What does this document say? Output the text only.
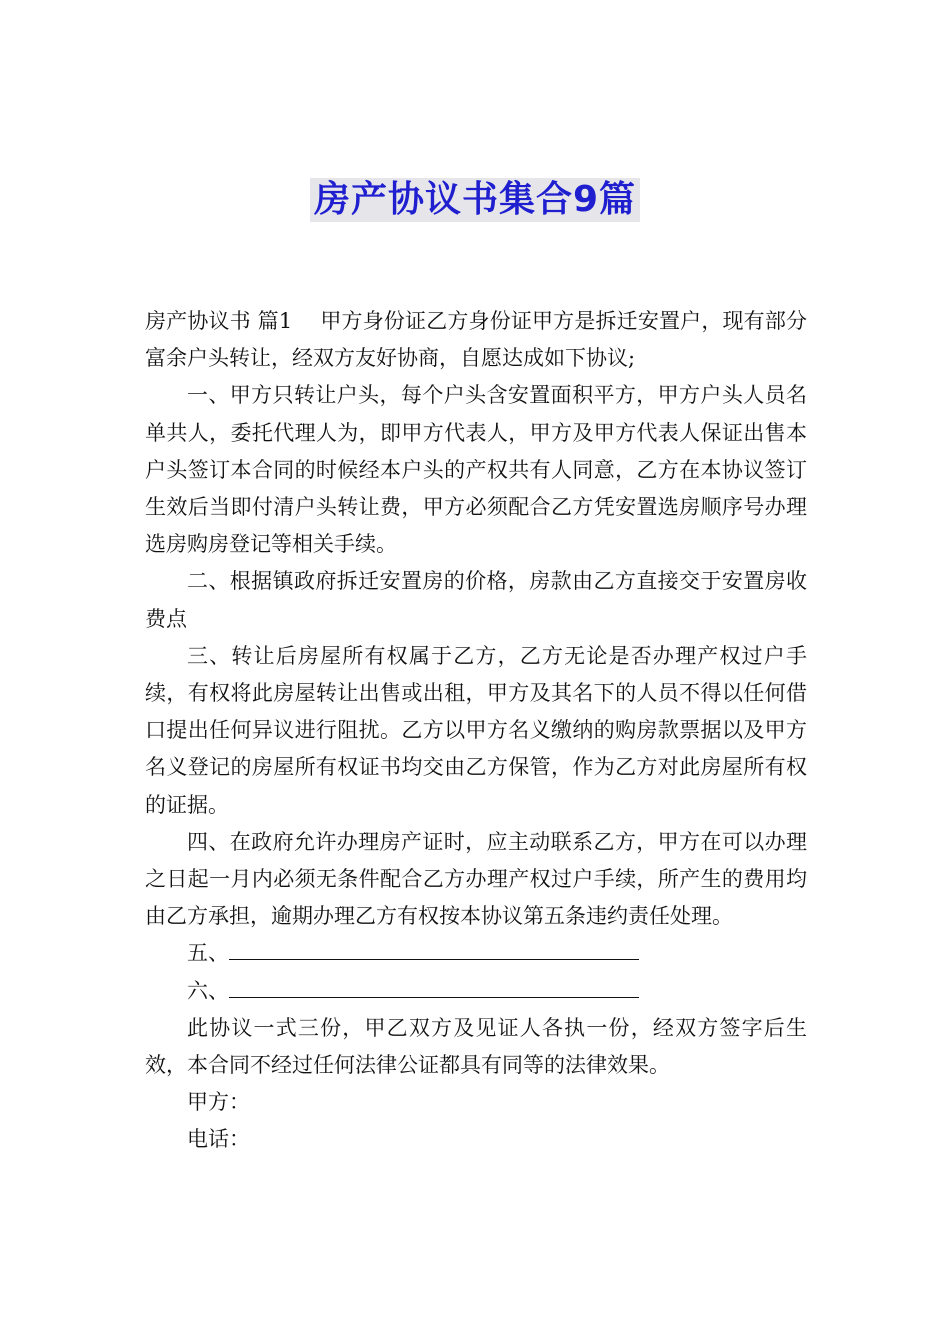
房产协议书集合9篇

房产协议书 篇1 甲方身份证乙方身份证甲方是拆迁安置户，现有部分富余户头转让，经双方友好协商，自愿达成如下协议;

一、甲方只转让户头，每个户头含安置面积平方，甲方户头人员名单共人，委托代理人为，即甲方代表人，甲方及甲方代表人保证出售本户头签订本合同的时候经本户头的产权共有人同意，乙方在本协议签订生效后当即付清户头转让费，甲方必须配合乙方凭安置选房顺序号办理选房购房登记等相关手续。

二、根据镇政府拆迁安置房的价格，房款由乙方直接交于安置房收费点

三、转让后房屋所有权属于乙方，乙方无论是否办理产权过户手续，有权将此房屋转让出售或出租，甲方及其名下的人员不得以任何借口提出任何异议进行阻扰。乙方以甲方名义缴纳的购房款票据以及甲方名义登记的房屋所有权证书均交由乙方保管，作为乙方对此房屋所有权的证据。

四、在政府允许办理房产证时，应主动联系乙方，甲方在可以办理之日起一月内必须无条件配合乙方办理产权过户手续，所产生的费用均由乙方承担，逾期办理乙方有权按本协议第五条违约责任处理。

五、

六、

此协议一式三份，甲乙双方及见证人各执一份，经双方签字后生效，本合同不经过任何法律公证都具有同等的法律效果。

甲方：

电话：
